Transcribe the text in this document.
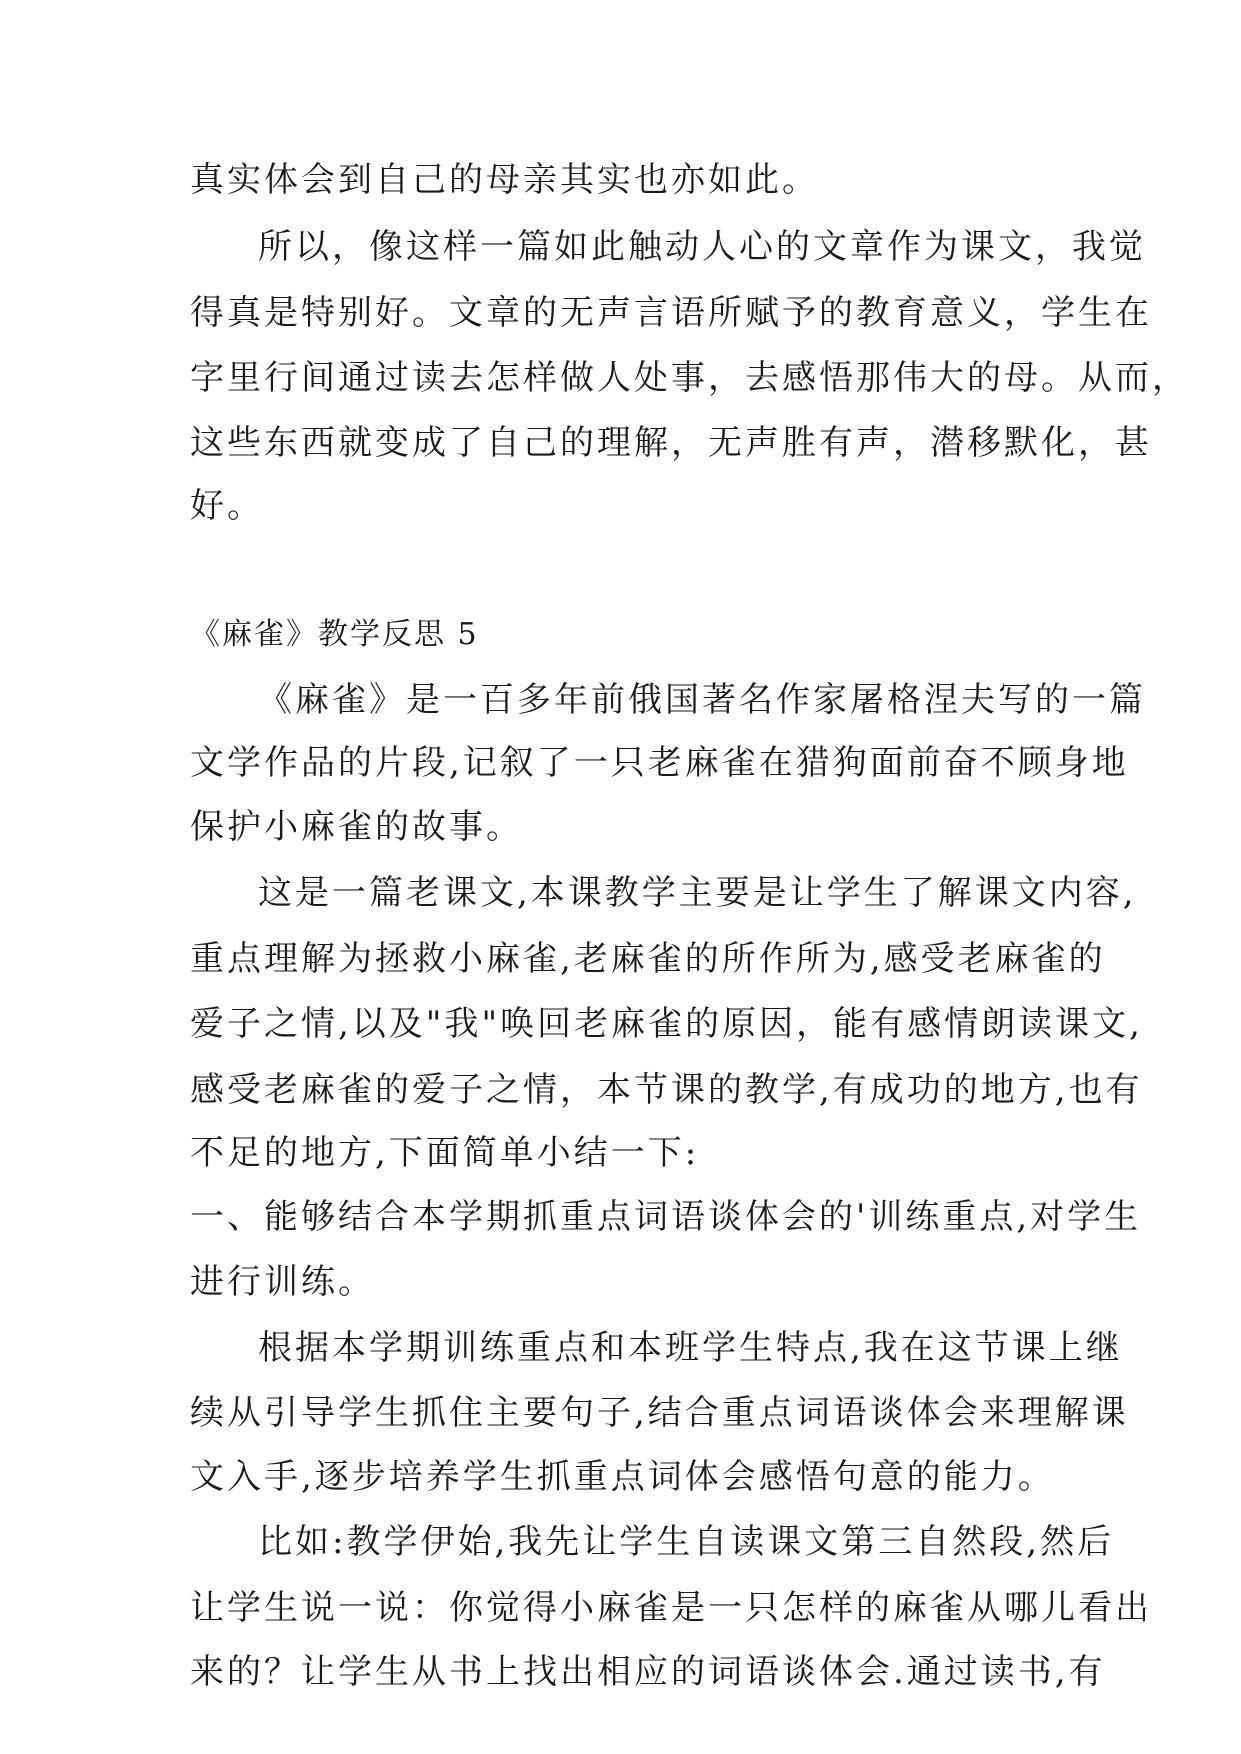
真实体会到自己的母亲其实也亦如此。
所以，像这样一篇如此触动人心的文章作为课文，我觉
得真是特别好。文章的无声言语所赋予的教育意义，学生在
字里行间通过读去怎样做人处事，去感悟那伟大的母。从而，
这些东西就变成了自己的理解，无声胜有声，潜移默化，甚
好。
《麻雀》教学反思 5
《麻雀》是一百多年前俄国著名作家屠格涅夫写的一篇
文学作品的片段,记叙了一只老麻雀在猎狗面前奋不顾身地
保护小麻雀的故事。
这是一篇老课文,本课教学主要是让学生了解课文内容,
重点理解为拯救小麻雀,老麻雀的所作所为,感受老麻雀的
爱子之情,以及"我"唤回老麻雀的原因，能有感情朗读课文,
感受老麻雀的爱子之情，本节课的教学,有成功的地方,也有
不足的地方,下面简单小结一下:
一、能够结合本学期抓重点词语谈体会的'训练重点,对学生
进行训练。
根据本学期训练重点和本班学生特点,我在这节课上继
续从引导学生抓住主要句子,结合重点词语谈体会来理解课
文入手,逐步培养学生抓重点词体会感悟句意的能力。
比如:教学伊始,我先让学生自读课文第三自然段,然后
让学生说一说：你觉得小麻雀是一只怎样的麻雀从哪儿看出
来的？让学生从书上找出相应的词语谈体会.通过读书,有
